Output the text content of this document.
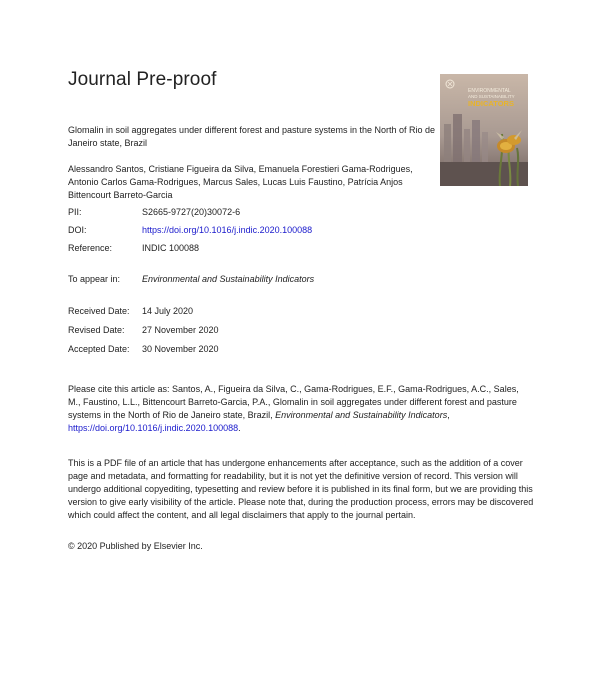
Journal Pre-proof
ENVIRONMENTAL
AND SUSTAINABILITY
INDICATORS
Glomalin in soil aggregates under different forest and pasture systems in the North of Rio de Janeiro state, Brazil
Alessandro Santos, Cristiane Figueira da Silva, Emanuela Forestieri Gama-Rodrigues, Antonio Carlos Gama-Rodrigues, Marcus Sales, Lucas Luis Faustino, Patrícia Anjos Bittencourt Barreto-Garcia
PII:	S2665-9727(20)30072-6
DOI:	https://doi.org/10.1016/j.indic.2020.100088
Reference:	INDIC 100088
To appear in: Environmental and Sustainability Indicators
Received Date: 14 July 2020
Revised Date: 27 November 2020
Accepted Date: 30 November 2020
Please cite this article as: Santos, A., Figueira da Silva, C., Gama-Rodrigues, E.F., Gama-Rodrigues, A.C., Sales, M., Faustino, L.L., Bittencourt Barreto-Garcia, P.A., Glomalin in soil aggregates under different forest and pasture systems in the North of Rio de Janeiro state, Brazil, Environmental and Sustainability Indicators, https://doi.org/10.1016/j.indic.2020.100088.
This is a PDF file of an article that has undergone enhancements after acceptance, such as the addition of a cover page and metadata, and formatting for readability, but it is not yet the definitive version of record. This version will undergo additional copyediting, typesetting and review before it is published in its final form, but we are providing this version to give early visibility of the article. Please note that, during the production process, errors may be discovered which could affect the content, and all legal disclaimers that apply to the journal pertain.
© 2020 Published by Elsevier Inc.
